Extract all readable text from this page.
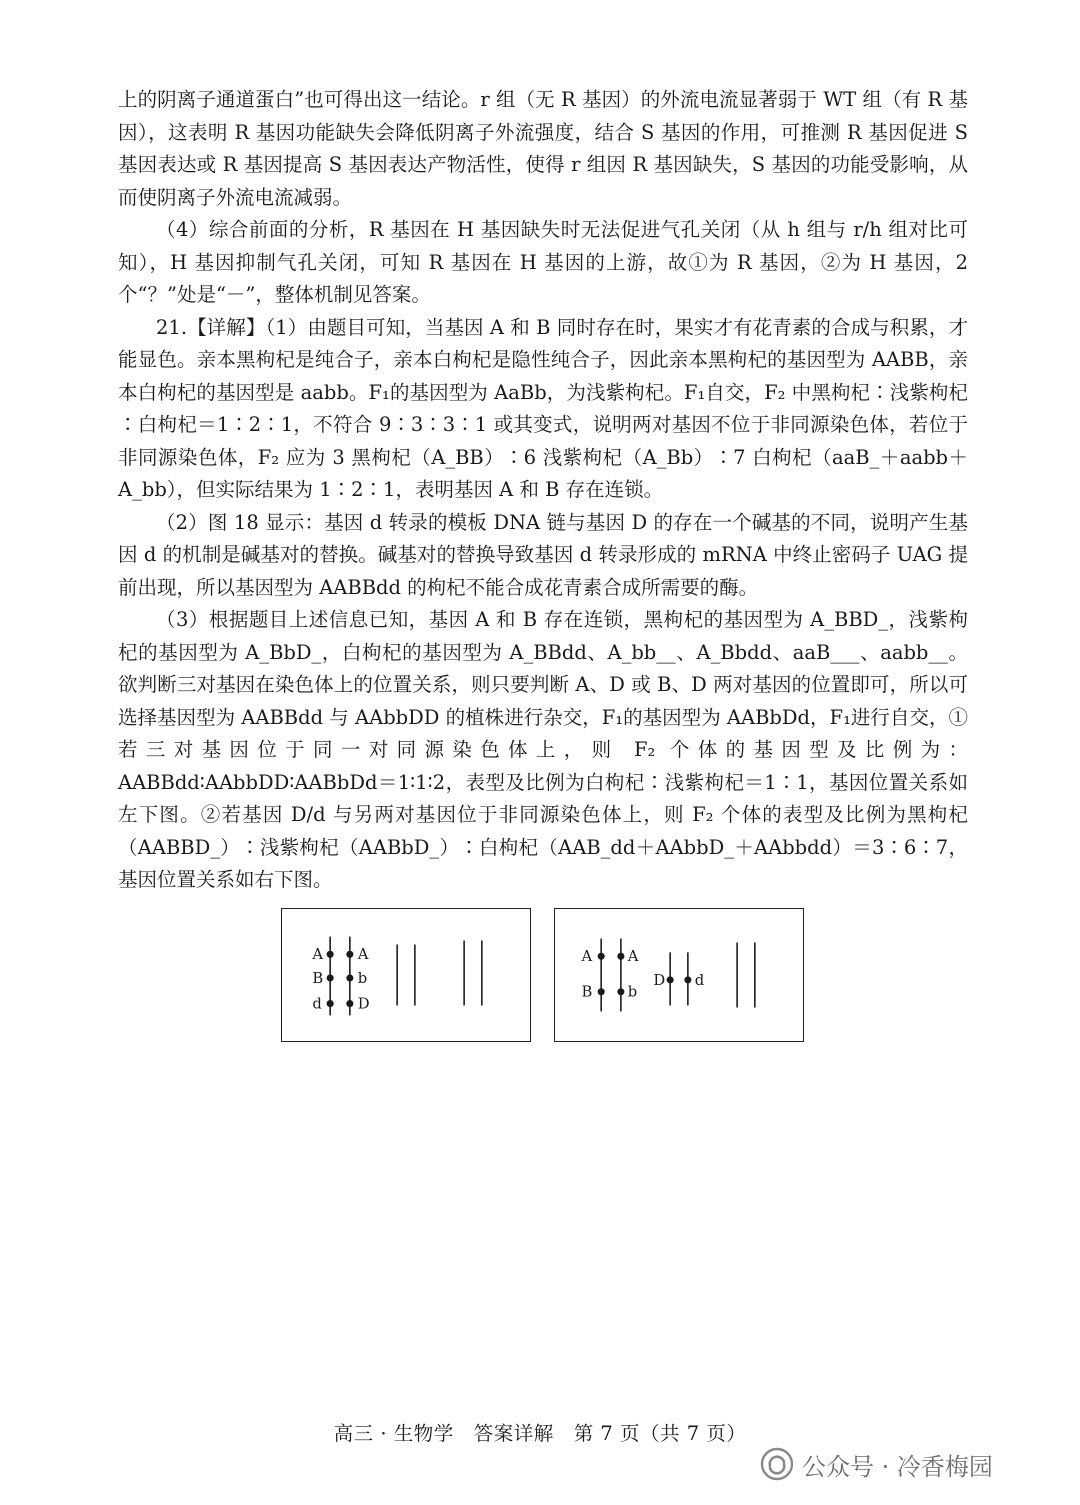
上的阴离子通道蛋白”也可得出这一结论。r 组（无 R 基因）的外流电流显著弱于 WT 组（有 R 基因），这表明 R 基因功能缺失会降低阴离子外流强度，结合 S 基因的作用，可推测 R 基因促进 S 基因表达或 R 基因提高 S 基因表达产物活性，使得 r 组因 R 基因缺失，S 基因的功能受影响，从而使阴离子外流电流减弱。

（4）综合前面的分析，R 基因在 H 基因缺失时无法促进气孔关闭（从 h 组与 r/h 组对比可知），H 基因抑制气孔关闭，可知 R 基因在 H 基因的上游，故①为 R 基因，②为 H 基因，2 个“？”处是“－”，整体机制见答案。

21.【详解】（1）由题目可知，当基因 A 和 B 同时存在时，果实才有花青素的合成与积累，才能显色。亲本黑枸杞是纯合子，亲本白枸杞是隐性纯合子，因此亲本黑枸杞的基因型为 AABB，亲本白枸杞的基因型是 aabb。F₁的基因型为 AaBb，为浅紫枸杞。F₁自交，F₂ 中黑枸杞∶浅紫枸杞∶白枸杞＝1∶2∶1，不符合 9∶3∶3∶1 或其变式，说明两对基因不位于非同源染色体，若位于非同源染色体，F₂ 应为 3 黑枸杞（A_BB）∶6 浅紫枸杞（A_Bb）∶7 白枸杞（aaB_＋aabb＋A_bb），但实际结果为 1∶2∶1，表明基因 A 和 B 存在连锁。

（2）图 18 显示：基因 d 转录的模板 DNA 链与基因 D 的存在一个碱基的不同，说明产生基因 d 的机制是碱基对的替换。碱基对的替换导致基因 d 转录形成的 mRNA 中终止密码子 UAG 提前出现，所以基因型为 AABBdd 的枸杞不能合成花青素合成所需要的酶。

（3）根据题目上述信息已知，基因 A 和 B 存在连锁，黑枸杞的基因型为 A_BBD_，浅紫枸杞的基因型为 A_BbD_，白枸杞的基因型为 A_BBdd、A_bb__、A_Bbdd、aaB___、aabb__。欲判断三对基因在染色体上的位置关系，则只要判断 A、D 或 B、D 两对基因的位置即可，所以可选择基因型为 AABBdd 与 AAbbDD 的植株进行杂交，F₁的基因型为 AABbDd，F₁进行自交，①若三对基因位于同一对同源染色体上，则 F₂ 个体的基因型及比例为：AABBdd∶AAbbDD∶AABbDd＝1∶1∶2，表型及比例为白枸杞∶浅紫枸杞＝1∶1，基因位置关系如左下图。②若基因 D/d 与另两对基因位于非同源染色体上，则 F₂ 个体的表型及比例为黑枸杞（AABBD_）∶浅紫枸杞（AABbD_）∶白枸杞（AAB_dd＋AAbbD_＋AAbbdd）＝3∶6∶7，基因位置关系如右下图。

A
B
d
A
b
D
A
B
A
b
D d
高三 · 生物学　答案详解　第 7 页（共 7 页）
公众号 · 冷香梅园
